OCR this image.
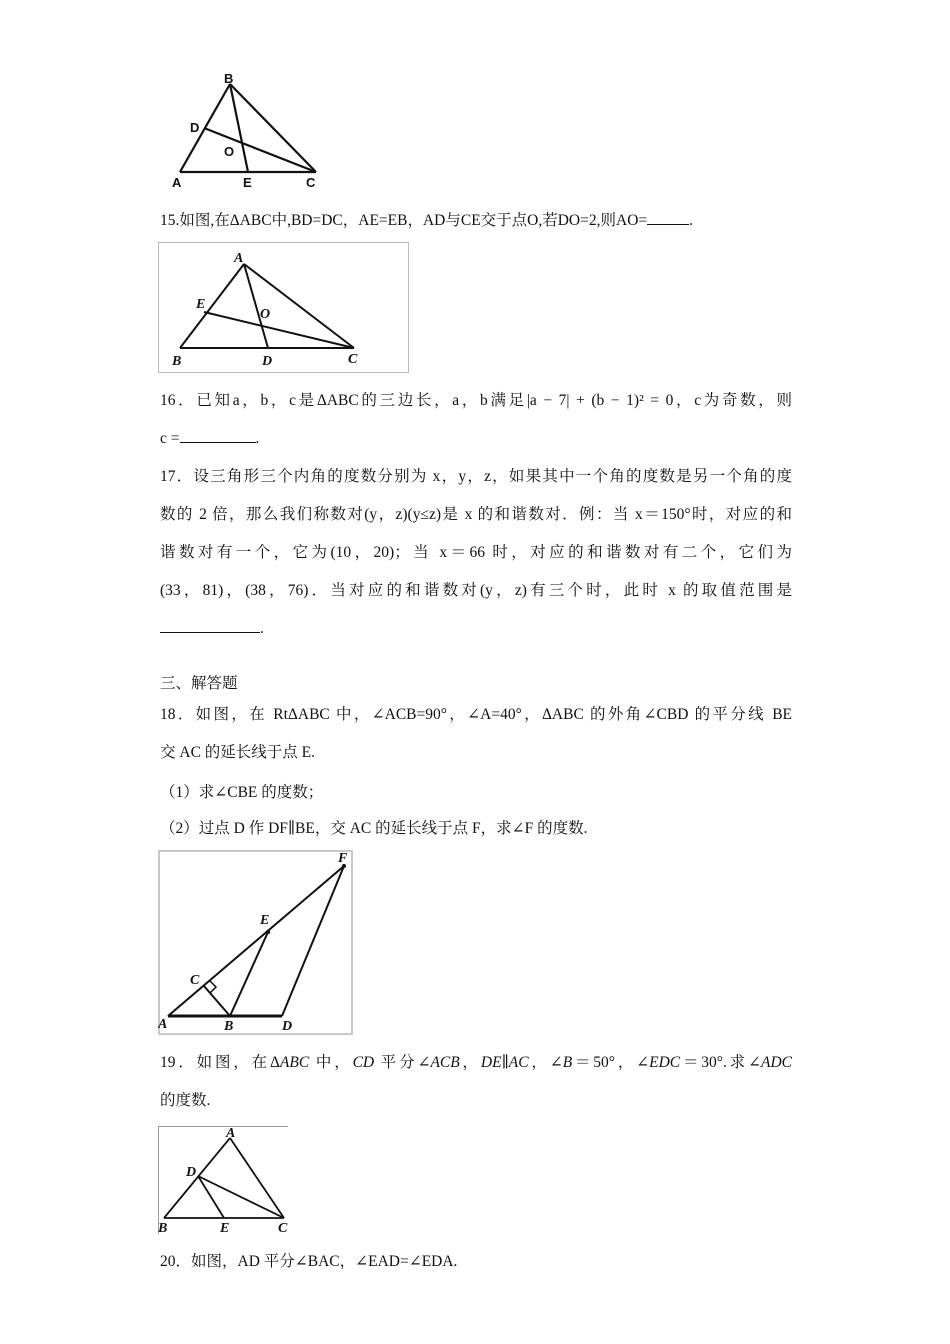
B
D
O
A	E	C
15.如图,在ΔABC中,BD=DC，AE=EB，AD与CE交于点O,若DO=2,则AO=	.
A
E
O
B	D	C
16．已知a，b，c是ΔABC的三边长，a，b满足|a − 7| + (b − 1)² = 0，c为奇数，则
c =	.
17．设三角形三个内角的度数分别为 x，y，z，如果其中一个角的度数是另一个角的度
数的 2 倍，那么我们称数对(y，z)(y≤z)是 x 的和谐数对．例：当 x＝150°时，对应的和
谐数对有一个，它为(10，20)；当 x＝66 时，对应的和谐数对有二个，它们为
(33，81)，(38，76)．当对应的和谐数对(y，z)有三个时，此时 x 的取值范围是
.
三、解答题
18．如图，在 RtΔABC 中，∠ACB=90°，∠A=40°，ΔABC 的外角∠CBD 的平分线 BE
交 AC 的延长线于点 E.
（1）求∠CBE 的度数；
（2）过点 D 作 DF∥BE，交 AC 的延长线于点 F，求∠F 的度数.
F
E
C
A	B	D
19．如图，在ΔABC 中，CD 平分∠ACB，DE∥AC，∠B＝50°，∠EDC＝30°.求∠ADC
的度数.
A
D
B	E	C
20．如图，AD 平分∠BAC，∠EAD=∠EDA.
